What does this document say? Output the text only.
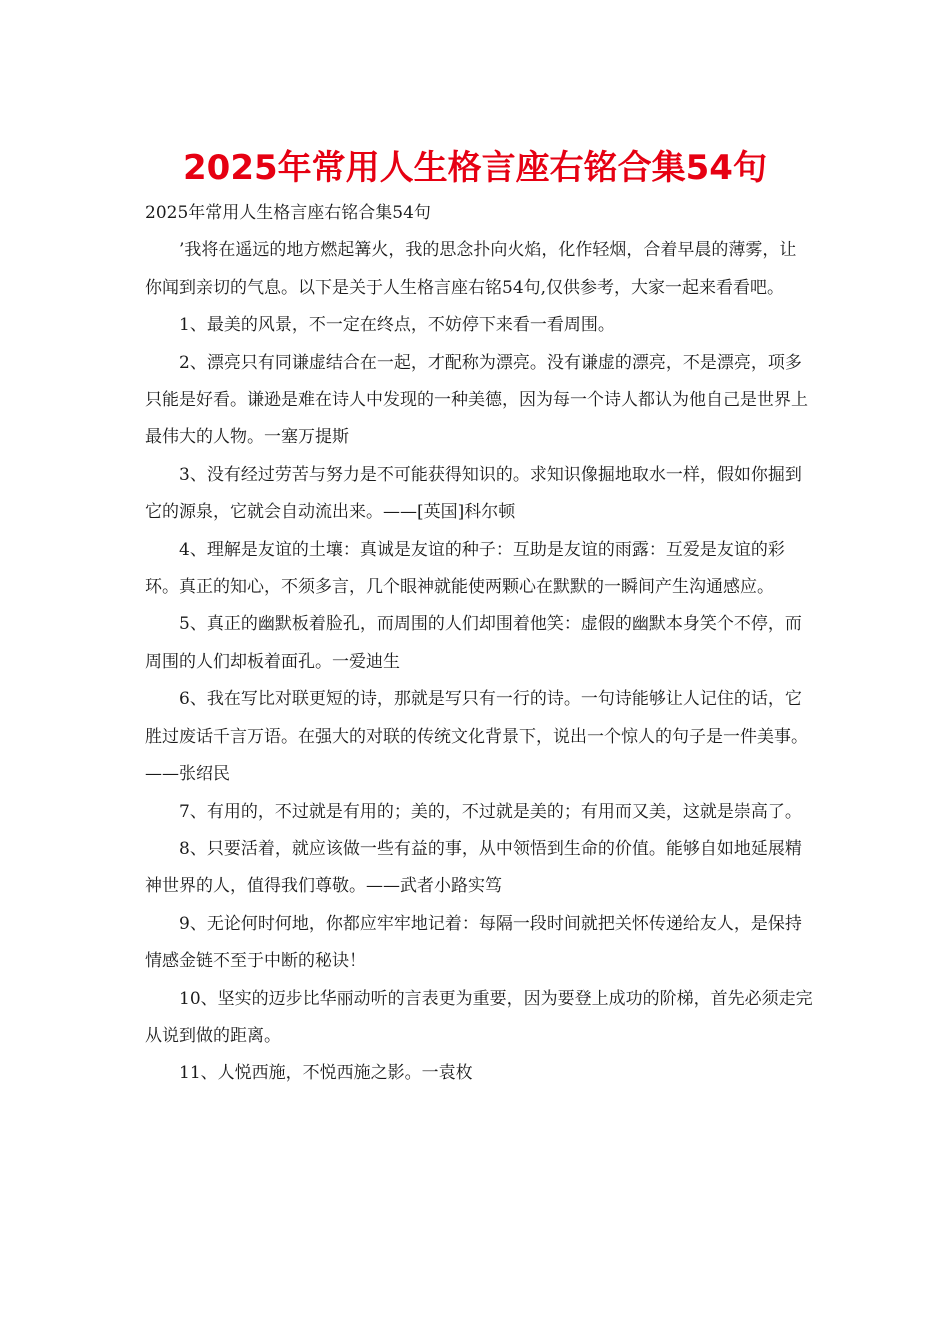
2025年常用人生格言座右铭合集54句

2025年常用人生格言座右铭合集54句

’我将在遥远的地方燃起篝火，我的思念扑向火焰，化作轻烟，合着早晨的薄雾，让你闻到亲切的气息。以下是关于人生格言座右铭54句,仅供参考，大家一起来看看吧。

1、最美的风景，不一定在终点，不妨停下来看一看周围。

2、漂亮只有同谦虚结合在一起，才配称为漂亮。没有谦虚的漂亮，不是漂亮，项多只能是好看。谦逊是难在诗人中发现的一种美德，因为每一个诗人都认为他自己是世界上最伟大的人物。一塞万提斯

3、没有经过劳苦与努力是不可能获得知识的。求知识像掘地取水一样，假如你掘到它的源泉，它就会自动流出来。——[英国]科尔顿

4、理解是友谊的土壤：真诚是友谊的种子：互助是友谊的雨露：互爱是友谊的彩环。真正的知心，不须多言，几个眼神就能使两颗心在默默的一瞬间产生沟通感应。

5、真正的幽默板着脸孔，而周围的人们却围着他笑：虚假的幽默本身笑个不停，而周围的人们却板着面孔。一爱迪生

6、我在写比对联更短的诗，那就是写只有一行的诗。一句诗能够让人记住的话，它胜过废话千言万语。在强大的对联的传统文化背景下，说出一个惊人的句子是一件美事。——张绍民

7、有用的，不过就是有用的；美的，不过就是美的；有用而又美，这就是崇高了。

8、只要活着，就应该做一些有益的事，从中领悟到生命的价值。能够自如地延展精神世界的人，值得我们尊敬。——武者小路实笃

9、无论何时何地，你都应牢牢地记着：每隔一段时间就把关怀传递给友人，是保持情感金链不至于中断的秘诀！

10、坚实的迈步比华丽动听的言表更为重要，因为要登上成功的阶梯，首先必须走完从说到做的距离。

11、人悦西施，不悦西施之影。一袁枚
